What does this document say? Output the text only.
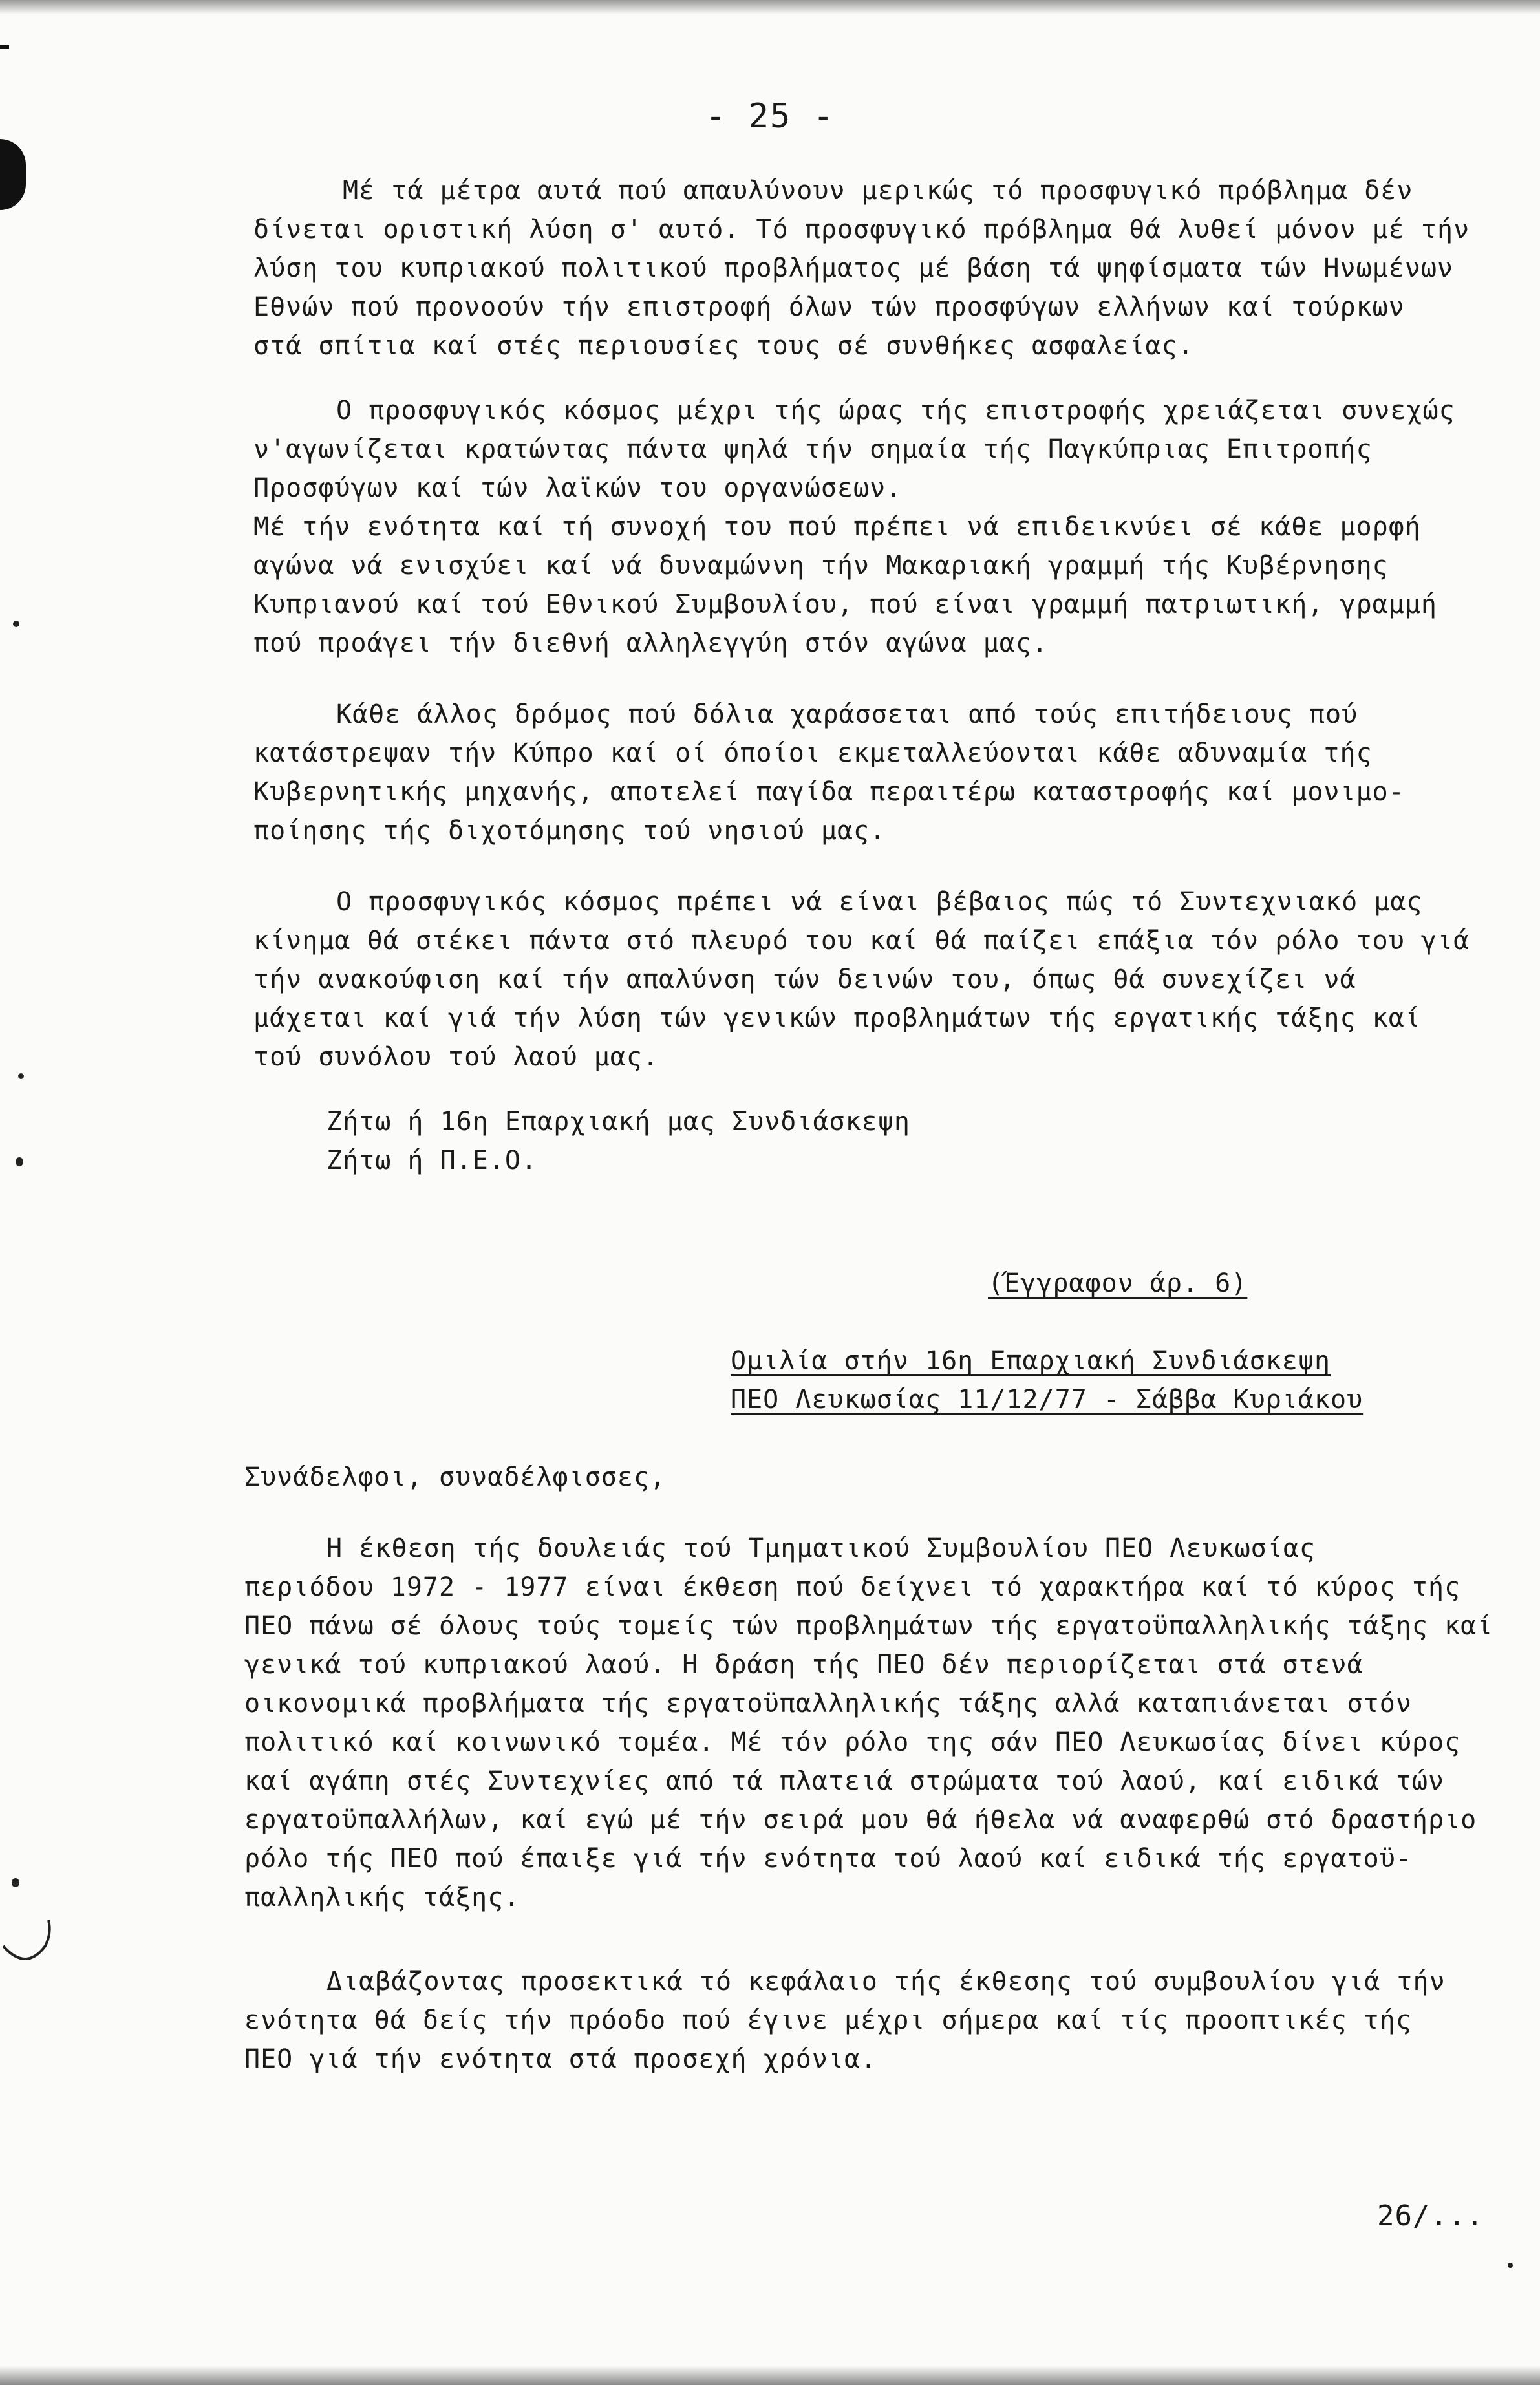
- 25 -
Μέ τά μέτρα αυτά πού απαυλύνουν μερικώς τό προσφυγικό πρόβλημα δέν
δίνεται οριστική λύση σ' αυτό. Τό προσφυγικό πρόβλημα θά λυθεί μόνον μέ τήν
λύση του κυπριακού πολιτικού προβλήματος μέ βάση τά ψηφίσματα τών Ηνωμένων
Εθνών πού προνοούν τήν επιστροφή όλων τών προσφύγων ελλήνων καί τούρκων
στά σπίτια καί στές περιουσίες τους σέ συνθήκες ασφαλείας.
Ο προσφυγικός κόσμος μέχρι τής ώρας τής επιστροφής χρειάζεται συνεχώς
ν'αγωνίζεται κρατώντας πάντα ψηλά τήν σημαία τής Παγκύπριας Επιτροπής
Προσφύγων καί τών λαϊκών του οργανώσεων.
Μέ τήν ενότητα καί τή συνοχή του πού πρέπει νά επιδεικνύει σέ κάθε μορφή
αγώνα νά ενισχύει καί νά δυναμώννη τήν Μακαριακή γραμμή τής Κυβέρνησης
Κυπριανού καί τού Εθνικού Συμβουλίου, πού είναι γραμμή πατριωτική, γραμμή
πού προάγει τήν διεθνή αλληλεγγύη στόν αγώνα μας.
Κάθε άλλος δρόμος πού δόλια χαράσσεται από τούς επιτήδειους πού
κατάστρεψαν τήν Κύπρο καί οί όποίοι εκμεταλλεύονται κάθε αδυναμία τής
Κυβερνητικής μηχανής, αποτελεί παγίδα περαιτέρω καταστροφής καί μονιμο-
ποίησης τής διχοτόμησης τού νησιού μας.
Ο προσφυγικός κόσμος πρέπει νά είναι βέβαιος πώς τό Συντεχνιακό μας
κίνημα θά στέκει πάντα στό πλευρό του καί θά παίζει επάξια τόν ρόλο του γιά
τήν ανακούφιση καί τήν απαλύνση τών δεινών του, όπως θά συνεχίζει νά
μάχεται καί γιά τήν λύση τών γενικών προβλημάτων τής εργατικής τάξης καί
τού συνόλου τού λαού μας.
Ζήτω ή 16η Επαρχιακή μας Συνδιάσκεψη
Ζήτω ή Π.Ε.Ο.
(Έγγραφον άρ. 6)
Ομιλία στήν 16η Επαρχιακή Συνδιάσκεψη
ΠΕΟ Λευκωσίας 11/12/77 - Σάββα Κυριάκου
Συνάδελφοι, συναδέλφισσες,
Η έκθεση τής δουλειάς τού Τμηματικού Συμβουλίου ΠΕΟ Λευκωσίας
περιόδου 1972 - 1977 είναι έκθεση πού δείχνει τό χαρακτήρα καί τό κύρος τής
ΠΕΟ πάνω σέ όλους τούς τομείς τών προβλημάτων τής εργατοϋπαλληλικής τάξης καί
γενικά τού κυπριακού λαού. Η δράση τής ΠΕΟ δέν περιορίζεται στά στενά
οικονομικά προβλήματα τής εργατοϋπαλληλικής τάξης αλλά καταπιάνεται στόν
πολιτικό καί κοινωνικό τομέα. Μέ τόν ρόλο της σάν ΠΕΟ Λευκωσίας δίνει κύρος
καί αγάπη στές Συντεχνίες από τά πλατειά στρώματα τού λαού, καί ειδικά τών
εργατοϋπαλλήλων, καί εγώ μέ τήν σειρά μου θά ήθελα νά αναφερθώ στό δραστήριο
ρόλο τής ΠΕΟ πού έπαιξε γιά τήν ενότητα τού λαού καί ειδικά τής εργατοϋ-
παλληλικής τάξης.
Διαβάζοντας προσεκτικά τό κεφάλαιο τής έκθεσης τού συμβουλίου γιά τήν
ενότητα θά δείς τήν πρόοδο πού έγινε μέχρι σήμερα καί τίς προοπτικές τής
ΠΕΟ γιά τήν ενότητα στά προσεχή χρόνια.
26/...
